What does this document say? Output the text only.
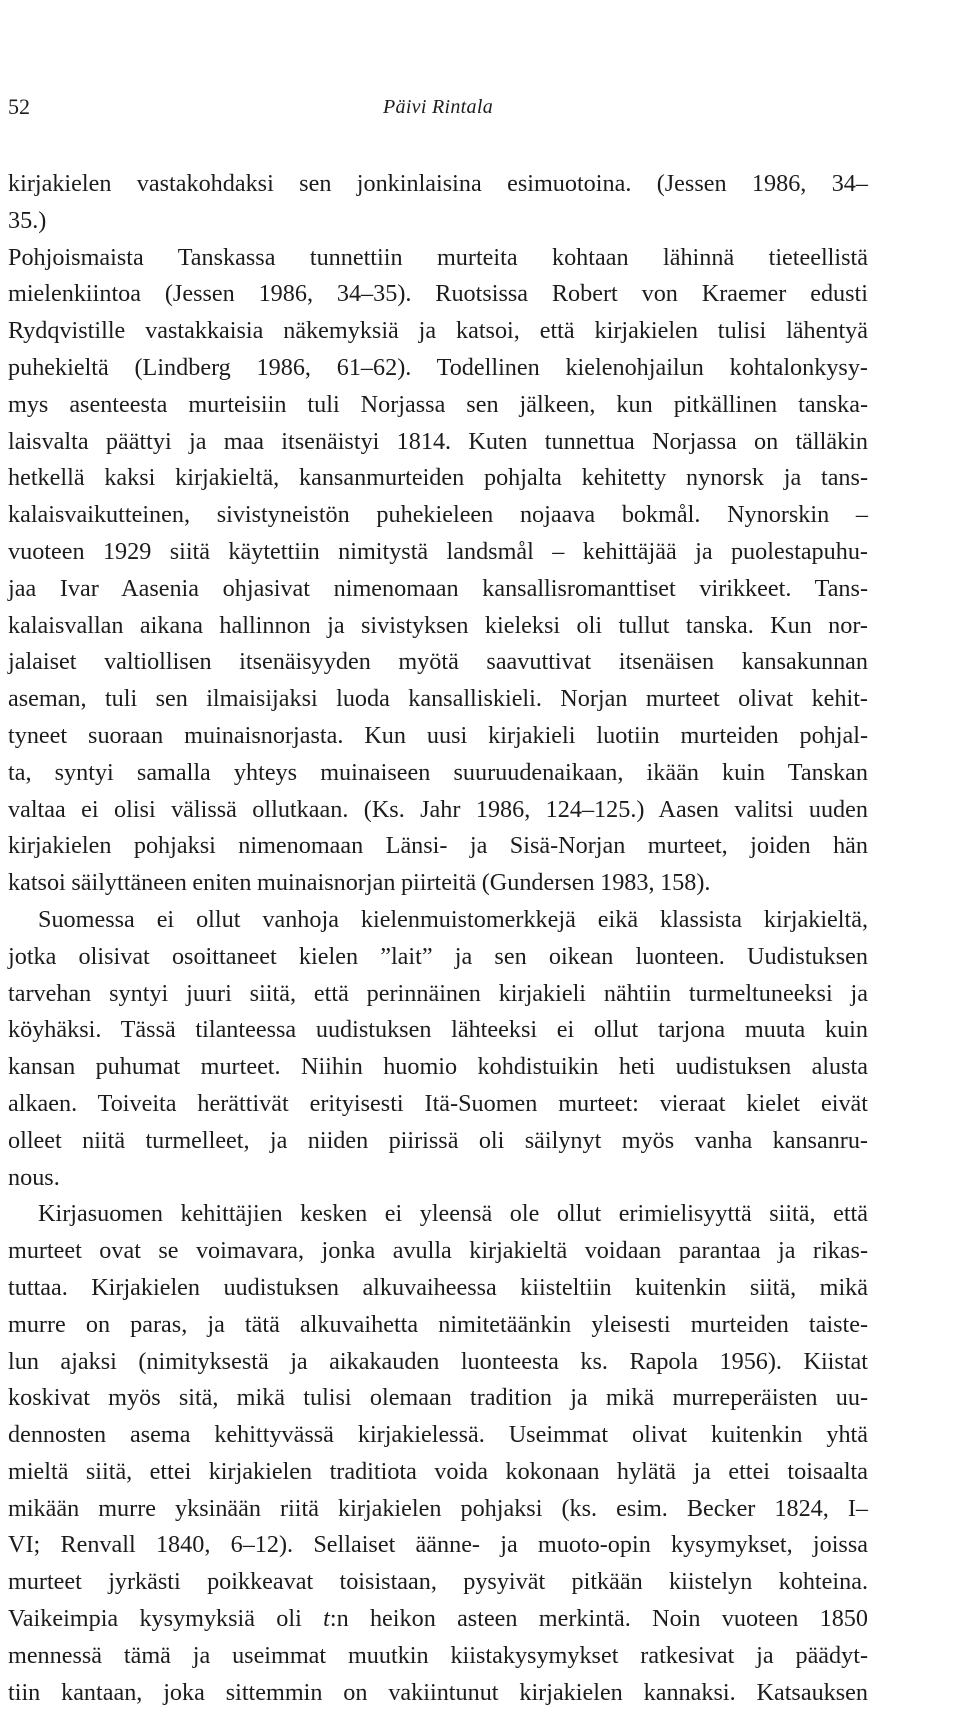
52	Päivi Rintala
kirjakielen vastakohdaksi sen jonkinlaisina esimuotoina. (Jessen 1986, 34–
35.)
Pohjoismaista Tanskassa tunnettiin murteita kohtaan lähinnä tieteellistä
mielenkiintoa (Jessen 1986, 34–35). Ruotsissa Robert von Kraemer edusti
Rydqvistille vastakkaisia näkemyksiä ja katsoi, että kirjakielen tulisi lähentyä
puhekieltä (Lindberg 1986, 61–62). Todellinen kielenohjailun kohtalonkysy-
mys asenteesta murteisiin tuli Norjassa sen jälkeen, kun pitkällinen tanska-
laisvalta päättyi ja maa itsenäistyi 1814. Kuten tunnettua Norjassa on tälläkin
hetkellä kaksi kirjakieltä, kansanmurteiden pohjalta kehitetty nynorsk ja tans-
kalaisvaikutteinen, sivistyneistön puhekieleen nojaava bokmål. Nynorskin –
vuoteen 1929 siitä käytettiin nimitystä landsmål – kehittäjää ja puolestapuhu-
jaa Ivar Aasenia ohjasivat nimenomaan kansallisromanttiset virikkeet. Tans-
kalaisvallan aikana hallinnon ja sivistyksen kieleksi oli tullut tanska. Kun nor-
jalaiset valtiollisen itsenäisyyden myötä saavuttivat itsenäisen kansakunnan
aseman, tuli sen ilmaisijaksi luoda kansalliskieli. Norjan murteet olivat kehit-
tyneet suoraan muinaisnorjasta. Kun uusi kirjakieli luotiin murteiden pohjal-
ta, syntyi samalla yhteys muinaiseen suuruudenaikaan, ikään kuin Tanskan
valtaa ei olisi välissä ollutkaan. (Ks. Jahr 1986, 124–125.) Aasen valitsi uuden
kirjakielen pohjaksi nimenomaan Länsi- ja Sisä-Norjan murteet, joiden hän
katsoi säilyttäneen eniten muinaisnorjan piirteitä (Gundersen 1983, 158).
Suomessa ei ollut vanhoja kielenmuistomerkkejä eikä klassista kirjakieltä,
jotka olisivat osoittaneet kielen ”lait” ja sen oikean luonteen. Uudistuksen
tarvehan syntyi juuri siitä, että perinnäinen kirjakieli nähtiin turmeltuneeksi ja
köyhäksi. Tässä tilanteessa uudistuksen lähteeksi ei ollut tarjona muuta kuin
kansan puhumat murteet. Niihin huomio kohdistuikin heti uudistuksen alusta
alkaen. Toiveita herättivät erityisesti Itä-Suomen murteet: vieraat kielet eivät
olleet niitä turmelleet, ja niiden piirissä oli säilynyt myös vanha kansanru-
nous.
Kirjasuomen kehittäjien kesken ei yleensä ole ollut erimielisyyttä siitä, että
murteet ovat se voimavara, jonka avulla kirjakieltä voidaan parantaa ja rikas-
tuttaa. Kirjakielen uudistuksen alkuvaiheessa kiisteltiin kuitenkin siitä, mikä
murre on paras, ja tätä alkuvaihetta nimitetäänkin yleisesti murteiden taiste-
lun ajaksi (nimityksestä ja aikakauden luonteesta ks. Rapola 1956). Kiistat
koskivat myös sitä, mikä tulisi olemaan tradition ja mikä murreperäisten uu-
dennosten asema kehittyvässä kirjakielessä. Useimmat olivat kuitenkin yhtä
mieltä siitä, ettei kirjakielen traditiota voida kokonaan hylätä ja ettei toisaalta
mikään murre yksinään riitä kirjakielen pohjaksi (ks. esim. Becker 1824, I–
VI; Renvall 1840, 6–12). Sellaiset äänne- ja muoto-opin kysymykset, joissa
murteet jyrkästi poikkeavat toisistaan, pysyivät pitkään kiistelyn kohteina.
Vaikeimpia kysymyksiä oli t:n heikon asteen merkintä. Noin vuoteen 1850
mennessä tämä ja useimmat muutkin kiistakysymykset ratkesivat ja päädyt-
tiin kantaan, joka sittemmin on vakiintunut kirjakielen kannaksi. Katsauksen
